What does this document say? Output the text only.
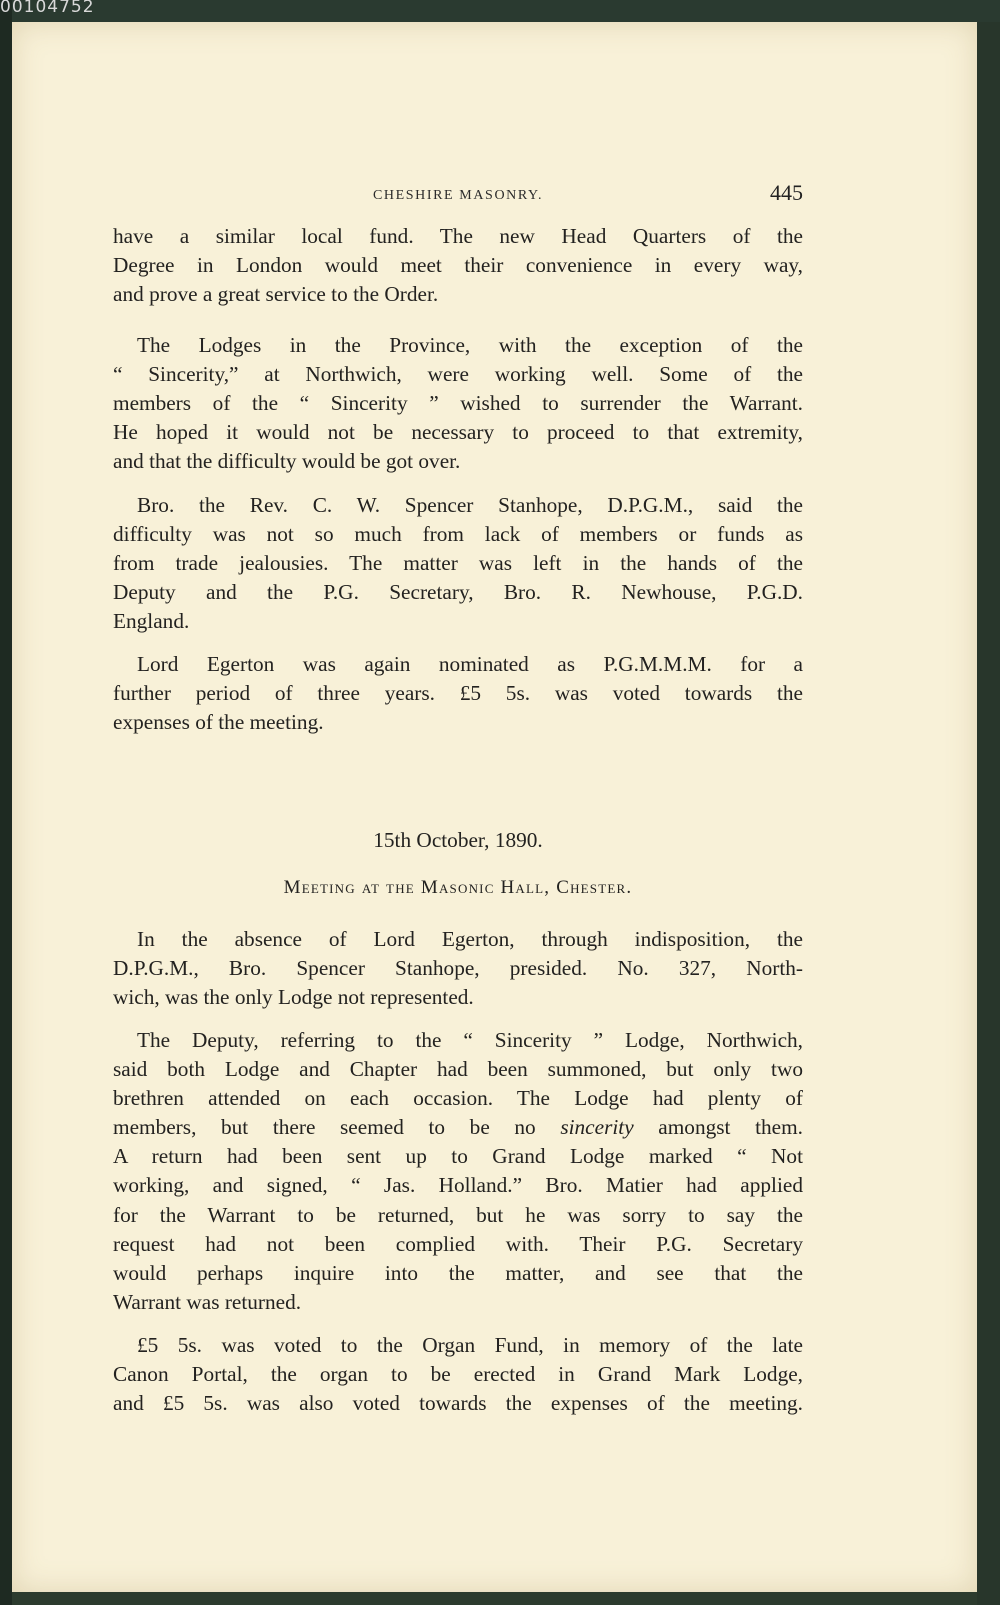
00104752
CHESHIRE MASONRY.	445
have a similar local fund. The new Head Quarters of the
Degree in London would meet their convenience in every way,
and prove a great service to the Order.
The Lodges in the Province, with the exception of the
“ Sincerity,” at Northwich, were working well. Some of the
members of the “ Sincerity ” wished to surrender the Warrant.
He hoped it would not be necessary to proceed to that extremity,
and that the difficulty would be got over.
Bro. the Rev. C. W. Spencer Stanhope, D.P.G.M., said the
difficulty was not so much from lack of members or funds as
from trade jealousies. The matter was left in the hands of the
Deputy and the P.G. Secretary, Bro. R. Newhouse, P.G.D.
England.
Lord Egerton was again nominated as P.G.M.M.M. for a
further period of three years. £5 5s. was voted towards the
expenses of the meeting.
15th October, 1890.
Meeting at the Masonic Hall, Chester.
In the absence of Lord Egerton, through indisposition, the
D.P.G.M., Bro. Spencer Stanhope, presided. No. 327, North-
wich, was the only Lodge not represented.
The Deputy, referring to the “ Sincerity ” Lodge, Northwich,
said both Lodge and Chapter had been summoned, but only two
brethren attended on each occasion. The Lodge had plenty of
members, but there seemed to be no sincerity amongst them.
A return had been sent up to Grand Lodge marked “ Not
working, and signed, “ Jas. Holland.” Bro. Matier had applied
for the Warrant to be returned, but he was sorry to say the
request had not been complied with. Their P.G. Secretary
would perhaps inquire into the matter, and see that the
Warrant was returned.
£5 5s. was voted to the Organ Fund, in memory of the late
Canon Portal, the organ to be erected in Grand Mark Lodge,
and £5 5s. was also voted towards the expenses of the meeting.
